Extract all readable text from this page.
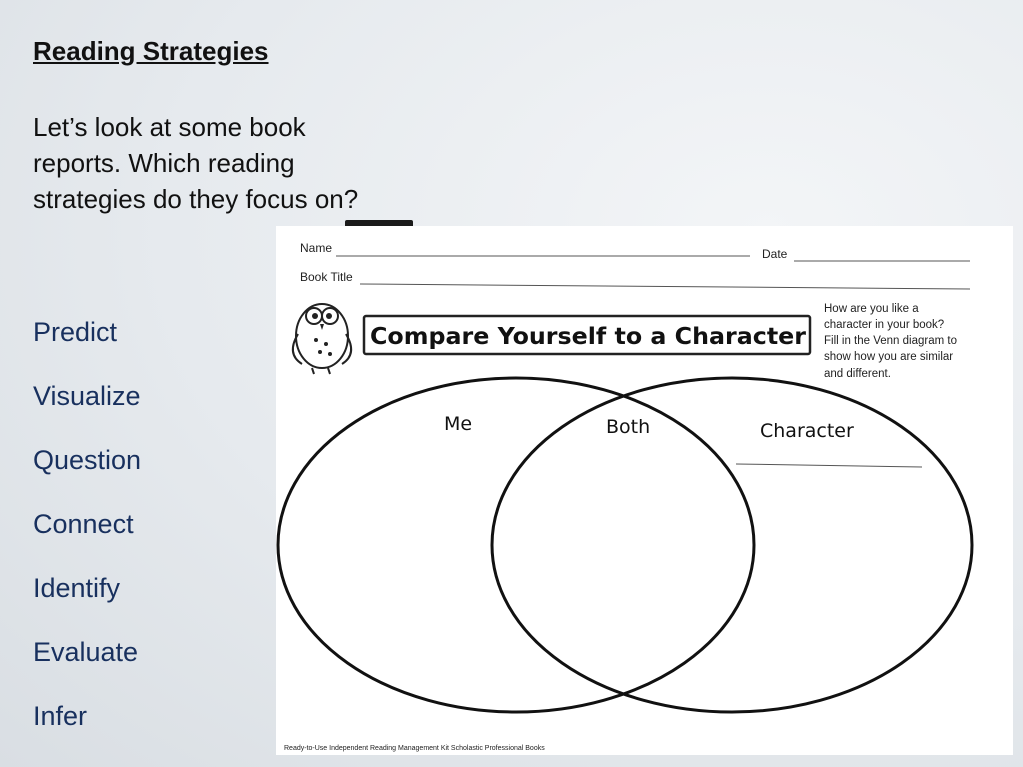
Reading Strategies

Let’s look at some book reports. Which reading strategies do they focus on?

Predict
Visualize
Question
Connect
Identify
Evaluate
Infer
Name	Date
Book Title
Compare Yourself to a Character
How are you like a
character in your book?
Fill in the Venn diagram to
show how you are similar
and different.
Me	Both	Character
Ready-to-Use Independent Reading Management Kit Scholastic Professional Books
